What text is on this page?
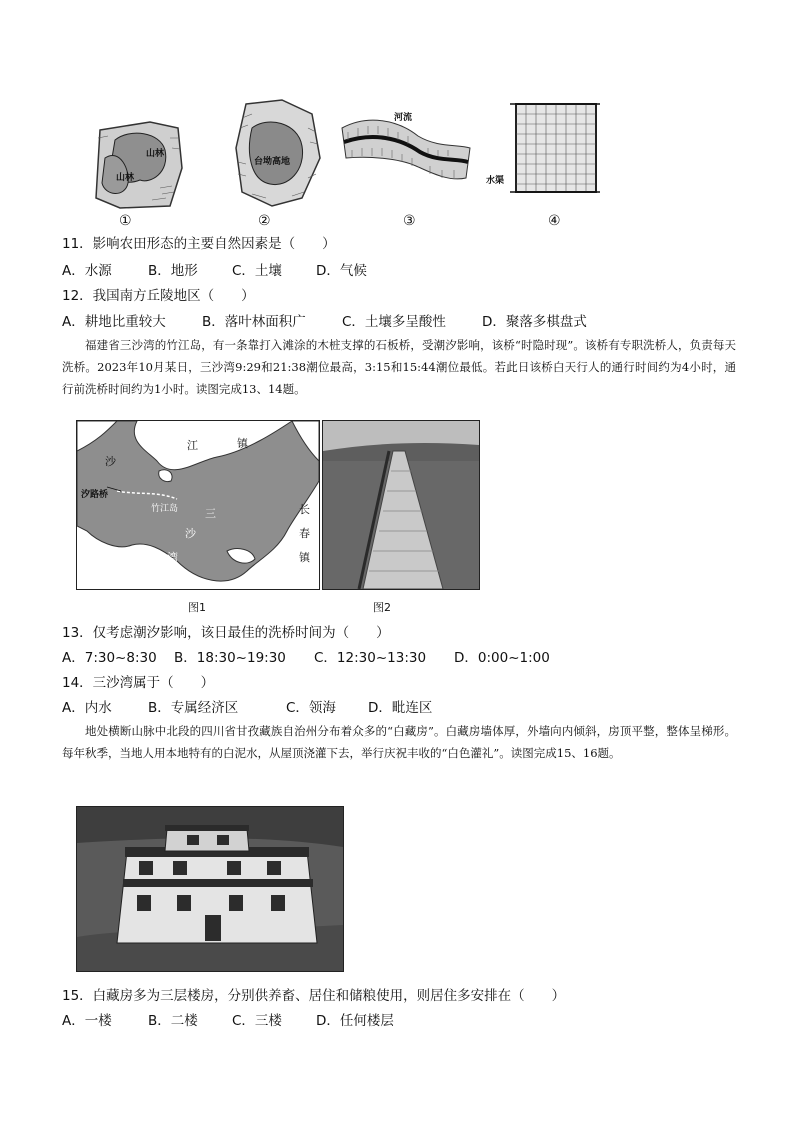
山林
山林
①
台坳高地
②
河流
③
水渠
④
11．影响农田形态的主要自然因素是（　　）
A．水源	B．地形	C．土壤	D．气候
12．我国南方丘陵地区（　　）
A．耕地比重较大	B．落叶林面积广	C．土壤多呈酸性	D．聚落多棋盘式
福建省三沙湾的竹江岛，有一条靠打入滩涂的木桩支撑的石板桥，受潮汐影响，该桥“时隐时现”。该桥有专职洗桥人，负责每天洗桥。2023年10月某日，三沙湾9:29和21:38潮位最高，3:15和15:44潮位最低。若此日该桥白天行人的通行时间约为4小时，通行前洗桥时间约为1小时。读图完成13、14题。
沙
江	镇
汐路桥
竹江岛 三
沙
湾
长
春
镇
图1	图2
13．仅考虑潮汐影响，该日最佳的洗桥时间为（　　）
A．7:30~8:30 B．18:30~19:30 C．12:30~13:30 D．0:00~1:00
14．三沙湾属于（　　）
A．内水	B．专属经济区	C．领海 D．毗连区
地处横断山脉中北段的四川省甘孜藏族自治州分布着众多的“白藏房”。白藏房墙体厚，外墙向内倾斜，房顶平整，整体呈梯形。每年秋季，当地人用本地特有的白泥水，从屋顶浇灌下去，举行庆祝丰收的“白色灌礼”。读图完成15、16题。
15．白藏房多为三层楼房，分别供养畜、居住和储粮使用，则居住多安排在（　　）
A．一楼	B．二楼	C．三楼	D．任何楼层
